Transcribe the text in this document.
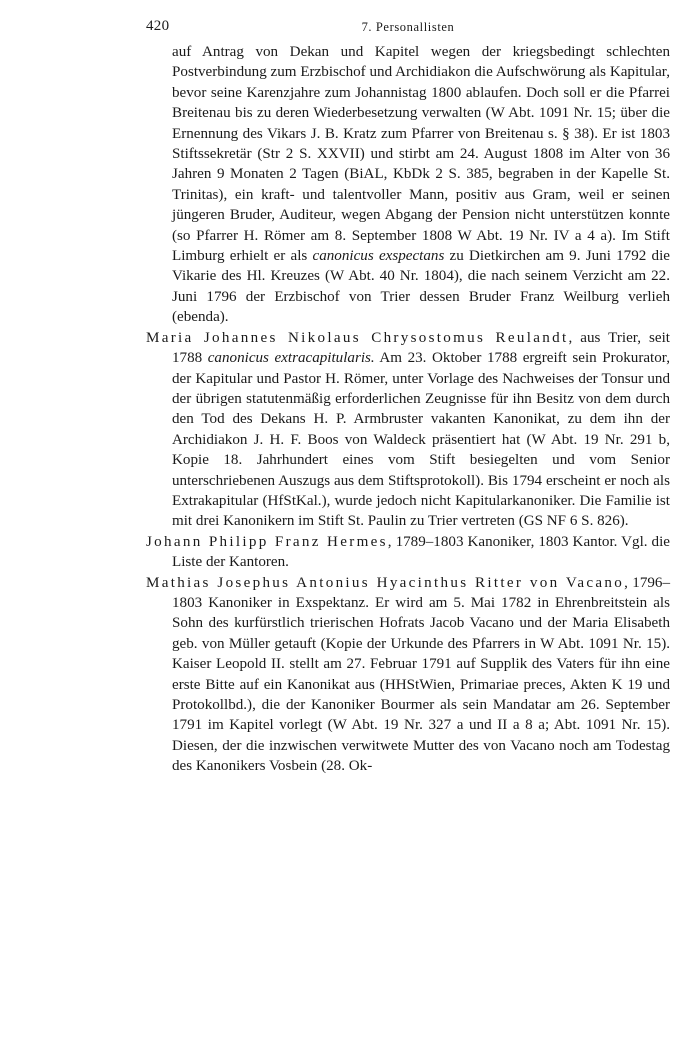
420	7. Personallisten

auf Antrag von Dekan und Kapitel wegen der kriegsbedingt schlechten Postverbindung zum Erzbischof und Archidiakon die Aufschwörung als Kapitular, bevor seine Karenzjahre zum Johannistag 1800 ablaufen. Doch soll er die Pfarrei Breitenau bis zu deren Wiederbesetzung verwalten (W Abt. 1091 Nr. 15; über die Ernennung des Vikars J. B. Kratz zum Pfarrer von Breitenau s. § 38). Er ist 1803 Stiftssekretär (Str 2 S. XXVII) und stirbt am 24. August 1808 im Alter von 36 Jahren 9 Monaten 2 Tagen (BiAL, KbDk 2 S. 385, begraben in der Kapelle St. Trinitas), ein kraft- und talentvoller Mann, positiv aus Gram, weil er seinen jüngeren Bruder, Auditeur, wegen Abgang der Pension nicht unterstützen konnte (so Pfarrer H. Römer am 8. September 1808 W Abt. 19 Nr. IV a 4 a). Im Stift Limburg erhielt er als canonicus exspectans zu Dietkirchen am 9. Juni 1792 die Vikarie des Hl. Kreuzes (W Abt. 40 Nr. 1804), die nach seinem Verzicht am 22. Juni 1796 der Erzbischof von Trier dessen Bruder Franz Weilburg verlieh (ebenda).

Maria Johannes Nikolaus Chrysostomus Reulandt, aus Trier, seit 1788 canonicus extracapitularis. Am 23. Oktober 1788 ergreift sein Prokurator, der Kapitular und Pastor H. Römer, unter Vorlage des Nachweises der Tonsur und der übrigen statutenmäßig erforderlichen Zeugnisse für ihn Besitz von dem durch den Tod des Dekans H. P. Armbruster vakanten Kanonikat, zu dem ihn der Archidiakon J. H. F. Boos von Waldeck präsentiert hat (W Abt. 19 Nr. 291 b, Kopie 18. Jahrhundert eines vom Stift besiegelten und vom Senior unterschriebenen Auszugs aus dem Stiftsprotokoll). Bis 1794 erscheint er noch als Extrakapitular (HfStKal.), wurde jedoch nicht Kapitularkanoniker. Die Familie ist mit drei Kanonikern im Stift St. Paulin zu Trier vertreten (GS NF 6 S. 826).

Johann Philipp Franz Hermes, 1789–1803 Kanoniker, 1803 Kantor. Vgl. die Liste der Kantoren.

Mathias Josephus Antonius Hyacinthus Ritter von Vacano, 1796–1803 Kanoniker in Exspektanz. Er wird am 5. Mai 1782 in Ehrenbreitstein als Sohn des kurfürstlich trierischen Hofrats Jacob Vacano und der Maria Elisabeth geb. von Müller getauft (Kopie der Urkunde des Pfarrers in W Abt. 1091 Nr. 15). Kaiser Leopold II. stellt am 27. Februar 1791 auf Supplik des Vaters für ihn eine erste Bitte auf ein Kanonikat aus (HHStWien, Primariae preces, Akten K 19 und Protokollbd.), die der Kanoniker Bourmer als sein Mandatar am 26. September 1791 im Kapitel vorlegt (W Abt. 19 Nr. 327 a und II a 8 a; Abt. 1091 Nr. 15). Diesen, der die inzwischen verwitwete Mutter des von Vacano noch am Todestag des Kanonikers Vosbein (28. Ok-
